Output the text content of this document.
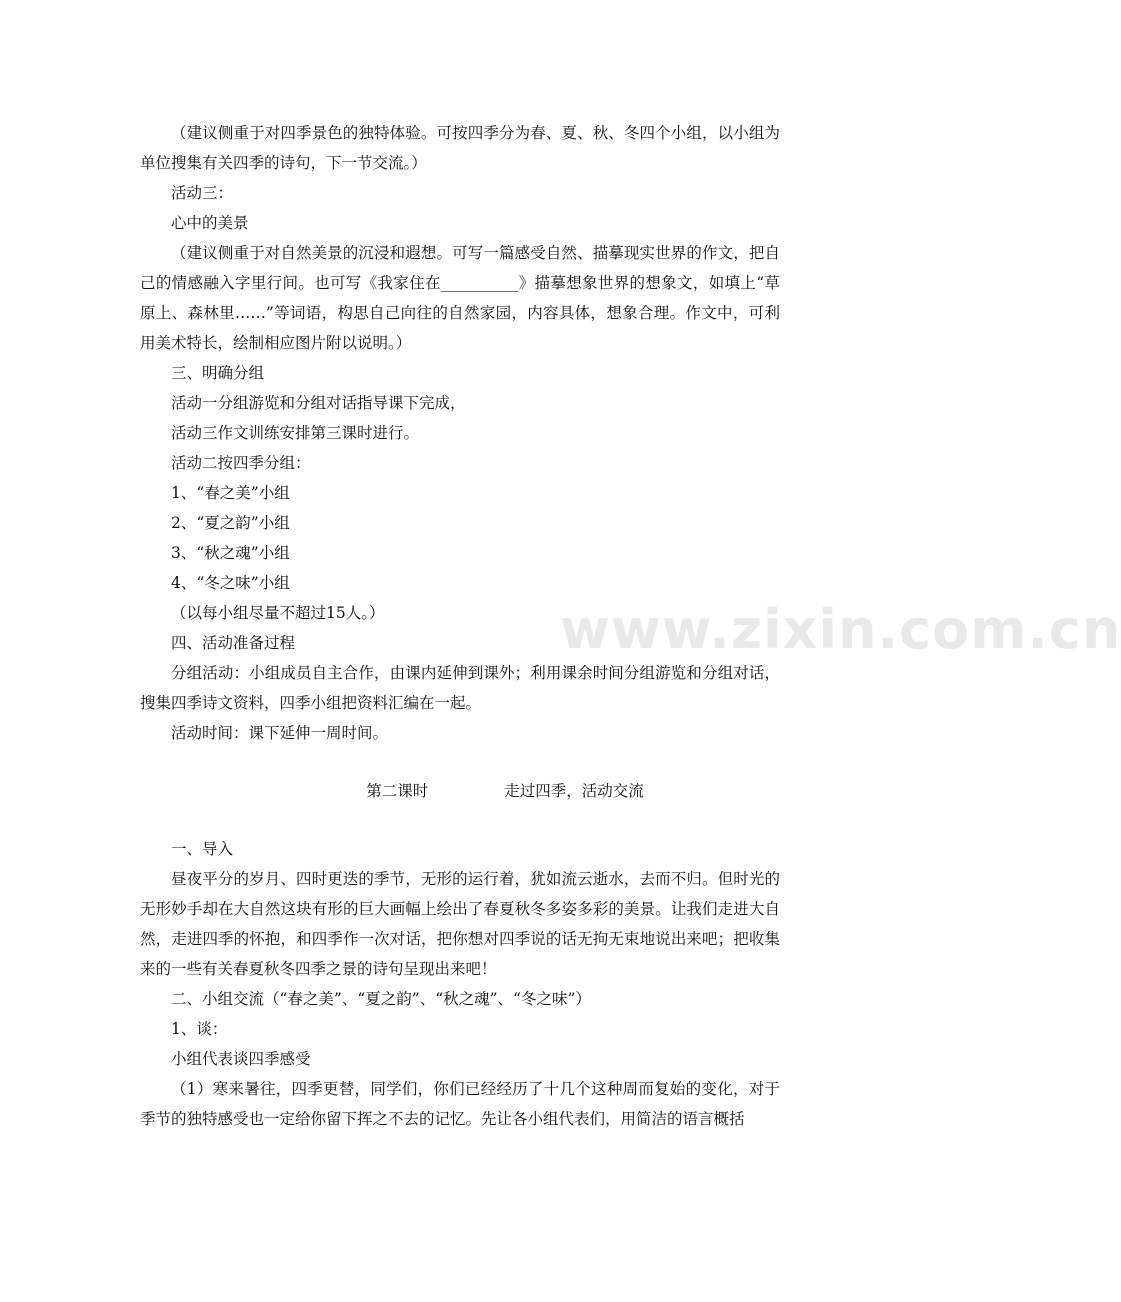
www.zixin.com.cn

（建议侧重于对四季景色的独特体验。可按四季分为春、夏、秋、冬四个小组，以小组为单位搜集有关四季的诗句，下一节交流。）

活动三：

心中的美景

（建议侧重于对自然美景的沉浸和遐想。可写一篇感受自然、描摹现实世界的作文，把自己的情感融入字里行间。也可写《我家住在__________》描摹想象世界的想象文，如填上“草原上、森林里……”等词语，构思自己向往的自然家园，内容具体，想象合理。作文中，可利用美术特长，绘制相应图片附以说明。）

三、明确分组

活动一分组游览和分组对话指导课下完成，

活动三作文训练安排第三课时进行。

活动二按四季分组：

1、“春之美”小组

2、“夏之韵”小组

3、“秋之魂”小组

4、“冬之味”小组

（以每小组尽量不超过15人。）

四、活动准备过程

分组活动：小组成员自主合作，由课内延伸到课外；利用课余时间分组游览和分组对话，搜集四季诗文资料，四季小组把资料汇编在一起。

活动时间：课下延伸一周时间。

第二课时	走过四季，活动交流

一、导入

昼夜平分的岁月、四时更迭的季节，无形的运行着，犹如流云逝水，去而不归。但时光的无形妙手却在大自然这块有形的巨大画幅上绘出了春夏秋冬多姿多彩的美景。让我们走进大自然，走进四季的怀抱，和四季作一次对话，把你想对四季说的话无拘无束地说出来吧；把收集来的一些有关春夏秋冬四季之景的诗句呈现出来吧！

二、小组交流（“春之美”、“夏之韵”、“秋之魂”、“冬之味”）

1、谈：

小组代表谈四季感受

（1）寒来暑往，四季更替，同学们，你们已经经历了十几个这种周而复始的变化，对于季节的独特感受也一定给你留下挥之不去的记忆。先让各小组代表们，用简洁的语言概括
